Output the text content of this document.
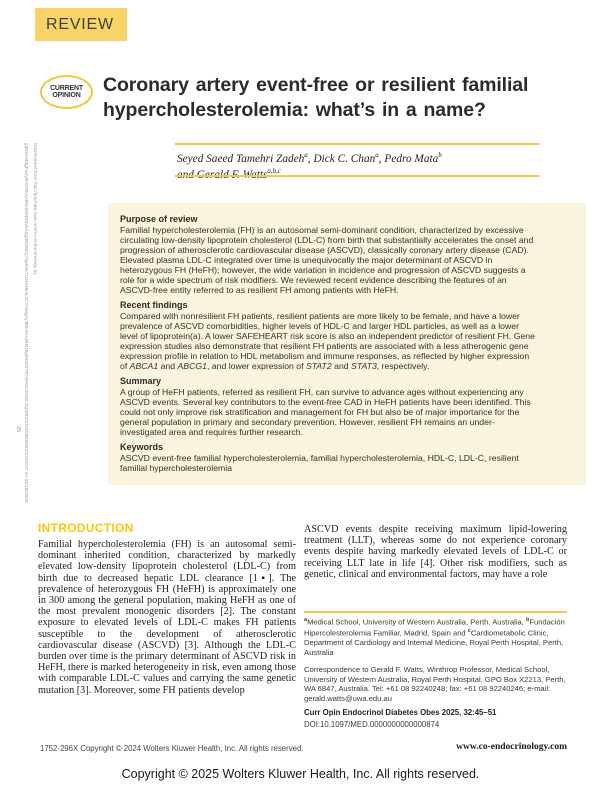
Downloaded from http://journals.lww.com/co-endocrinology by g3NOH40gFxwyRmORVyH9lAE6NSBvbX1grRtd5EQ75yB4eTUJDHBHLsC7mMg7yJf5mKnURNJ9g8RGlhTRT5POcdX8sLOgW8SOTs9S0E6NEC6YMCs7 on 04/18/2025
25
REVIEW
CURRENT
OPINION Coronary artery event-free or resilient familial
hypercholesterolemia: what’s in a name?
Seyed Saeed Tamehri Zadeh$^a$, Dick C. Chan$^a$, Pedro Mata$^b$
$^{a,b,c}$

Purpose of review

Familial hypercholesterolemia (FH) is an autosomal semi-dominant condition, characterized by excessive circulating low-density lipoprotein cholesterol (LDL-C) from birth that substantially accelerates the onset and progression of atherosclerotic cardiovascular disease (ASCVD), classically coronary artery disease (CAD). Elevated plasma LDL-C integrated over time is unequivocally the major determinant of ASCVD in heterozygous FH (HeFH); however, the wide variation in incidence and progression of ASCVD suggests a role for a wide spectrum of risk modifiers. We reviewed recent evidence describing the features of an ASCVD-free entity referred to as resilient FH among patients with HeFH.

Recent findings

Compared with nonresilient FH patients, resilient patients are more likely to be female, and have a lower prevalence of ASCVD comorbidities, higher levels of HDL-C and larger HDL particles, as well as a lower level of lipoprotein(a). A lower SAFEHEART risk score is also an independent predictor of resilient FH. Gene expression studies also demonstrate that resilient FH patients are associated with a less atherogenic gene expression profile in relation to HDL metabolism and immune responses, as reflected by higher expression of ABCA1 and ABCG1, and lower expression of STAT2 and STAT3, respectively.

Summary

A group of HeFH patients, referred as resilient FH, can survive to advance ages without experiencing any ASCVD events. Several key contributors to the event-free CAD in HeFH patients have been identified. This could not only improve risk stratification and management for FH but also be of major importance for the general population in primary and secondary prevention. However, resilient FH remains an under-investigated area and requires further research.

Keywords

ASCVD event-free familial hypercholesterolemia, familial hypercholesterolemia, HDL-C, LDL-C, resilient familial hypercholesterolemia

INTRODUCTION
Familial hypercholesterolemia (FH) is an autosomal semi-dominant inherited condition, characterized by markedly elevated low-density lipoprotein cholesterol (LDL-C) from birth due to decreased hepatic LDL clearance [1▪]. The prevalence of heterozygous FH (HeFH) is approximately one in 300 among the general population, making HeFH as one of the most prevalent monogenic disorders [2]. The constant exposure to elevated levels of LDL-C makes FH patients susceptible to the development of atherosclerotic cardiovascular disease (ASCVD) [3]. Although the LDL-C burden over time is the primary determinant of ASCVD risk in HeFH, there is marked heterogeneity in risk, even among those with comparable LDL-C values and carrying the same genetic mutation [3]. Moreover, some FH patients develop
ASCVD events despite receiving maximum lipid-lowering treatment (LLT), whereas some do not experience coronary events despite having markedly elevated levels of LDL-C or receiving LLT late in life [4]. Other risk modifiers, such as genetic, clinical and environmental factors, may have a role
$^a$Medical School, University of Western Australia, Perth, Australia, $^b$Fundación Hipercolesterolemia Familiar, Madrid, Spain and $^c$Cardiometabolic Clinic, Department of Cardiology and Internal Medicine, Royal Perth Hospital, Perth, Australia
Correspondence to Gerald F. Watts, Winthrop Professor, Medical School, University of Western Australia, Royal Perth Hospital, GPO Box X2213, Perth, WA 6847, Australia. Tel: +61 08 92240248; fax: +61 08 92240246; e-mail: gerald.watts@uwa.edu.au
Curr Opin Endocrinol Diabetes Obes 2025, 32:45–51
DOI:10.1097/MED.0000000000000874
1752-296X Copyright © 2024 Wolters Kluwer Health, Inc. All rights reserved.	www.co-endocrinology.com
Copyright © 2025 Wolters Kluwer Health, Inc. All rights reserved.
